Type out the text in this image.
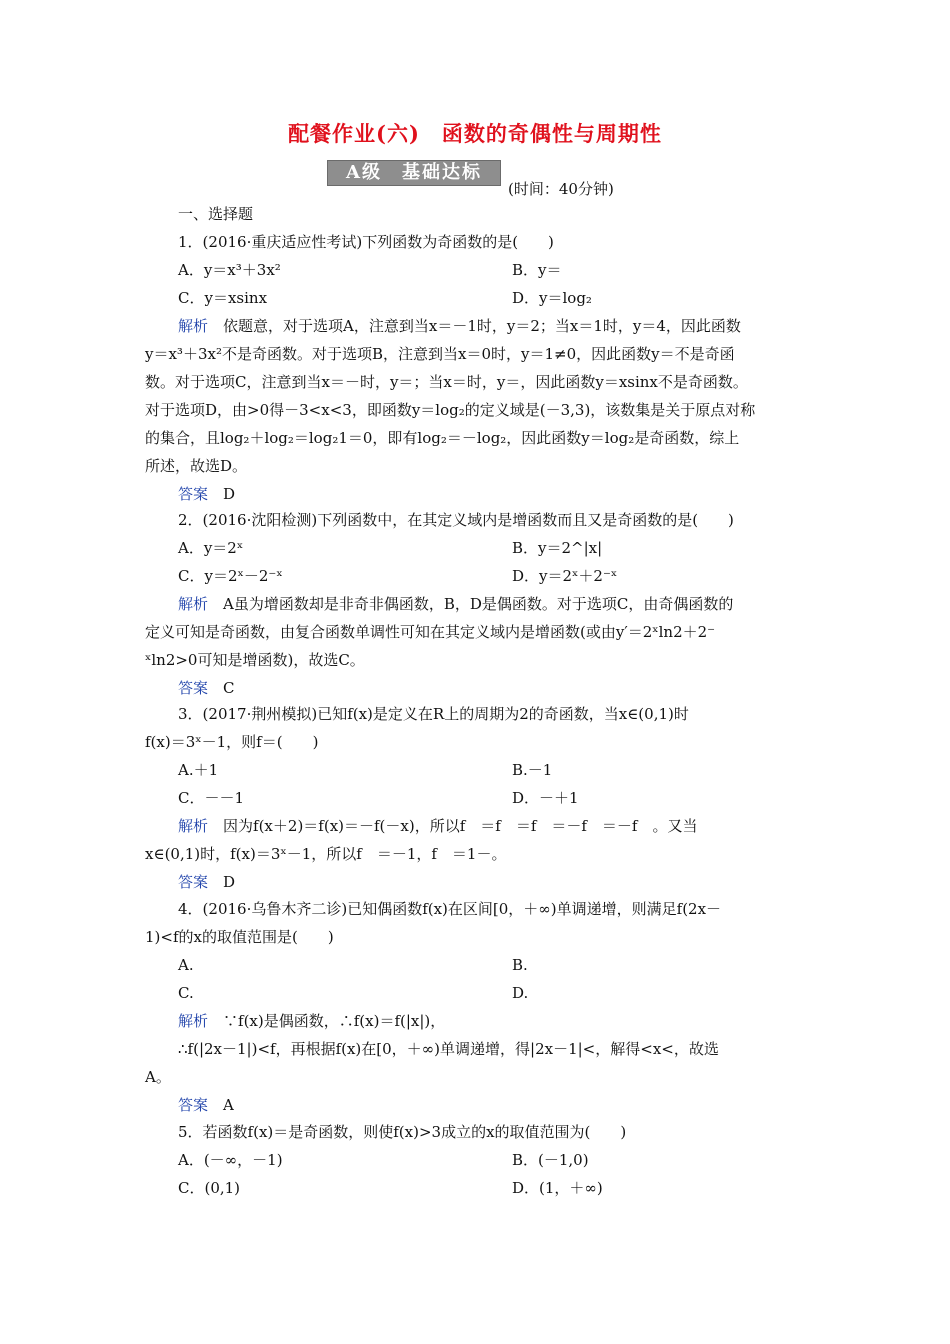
配餐作业(六)　函数的奇偶性与周期性
A级　基础达标
(时间：40分钟)
一、选择题
1．(2016·重庆适应性考试)下列函数为奇函数的是(　　)
A．y＝x³＋3x²	B．y＝
C．y＝xsinx	D．y＝log₂
解析　 依题意，对于选项A，注意到当x＝－1时，y＝2；当x＝1时，y＝4，因此函数
y＝x³＋3x²不是奇函数。对于选项B，注意到当x＝0时，y＝1≠0，因此函数y＝不是奇函
数。对于选项C，注意到当x＝－时，y＝；当x＝时，y＝，因此函数y＝xsinx不是奇函数。
对于选项D，由>0得－3<x<3，即函数y＝log₂的定义域是(－3,3)，该数集是关于原点对称
的集合，且log₂＋log₂＝log₂1＝0，即有log₂＝－log₂，因此函数y＝log₂是奇函数，综上
所述，故选D。
答案　 D
2．(2016·沈阳检测)下列函数中，在其定义域内是增函数而且又是奇函数的是(　　)
A．y＝2ˣ	B．y＝2^|x|
C．y＝2ˣ－2⁻ˣ	D．y＝2ˣ＋2⁻ˣ
解析　 A虽为增函数却是非奇非偶函数，B，D是偶函数。对于选项C，由奇偶函数的
定义可知是奇函数，由复合函数单调性可知在其定义域内是增函数(或由y′＝2ˣln2＋2⁻
ˣln2>0可知是增函数)，故选C。
答案　 C
3．(2017·荆州模拟)已知f(x)是定义在R上的周期为2的奇函数，当x∈(0,1)时
f(x)＝3ˣ－1，则f＝(　　)
A.＋1	B.－1
C．－－1	D．－＋1
解析　 因为f(x＋2)＝f(x)＝－f(－x)，所以f　＝f　＝f　＝－f　＝－f　。又当
x∈(0,1)时，f(x)＝3ˣ－1，所以f　＝－1，f　＝1－。
答案　 D
4．(2016·乌鲁木齐二诊)已知偶函数f(x)在区间[0，＋∞)单调递增，则满足f(2x－
1)<f的x的取值范围是(　　)
A.	B.
C.	D.
解析　 ∵f(x)是偶函数，∴f(x)＝f(|x|)，
∴f(|2x－1|)<f，再根据f(x)在[0，＋∞)单调递增，得|2x－1|<，解得<x<，故选
A。
答案　 A
5．若函数f(x)＝是奇函数，则使f(x)>3成立的x的取值范围为(　　)
A．(－∞，－1)	B．(－1,0)
C．(0,1)	D．(1，＋∞)
